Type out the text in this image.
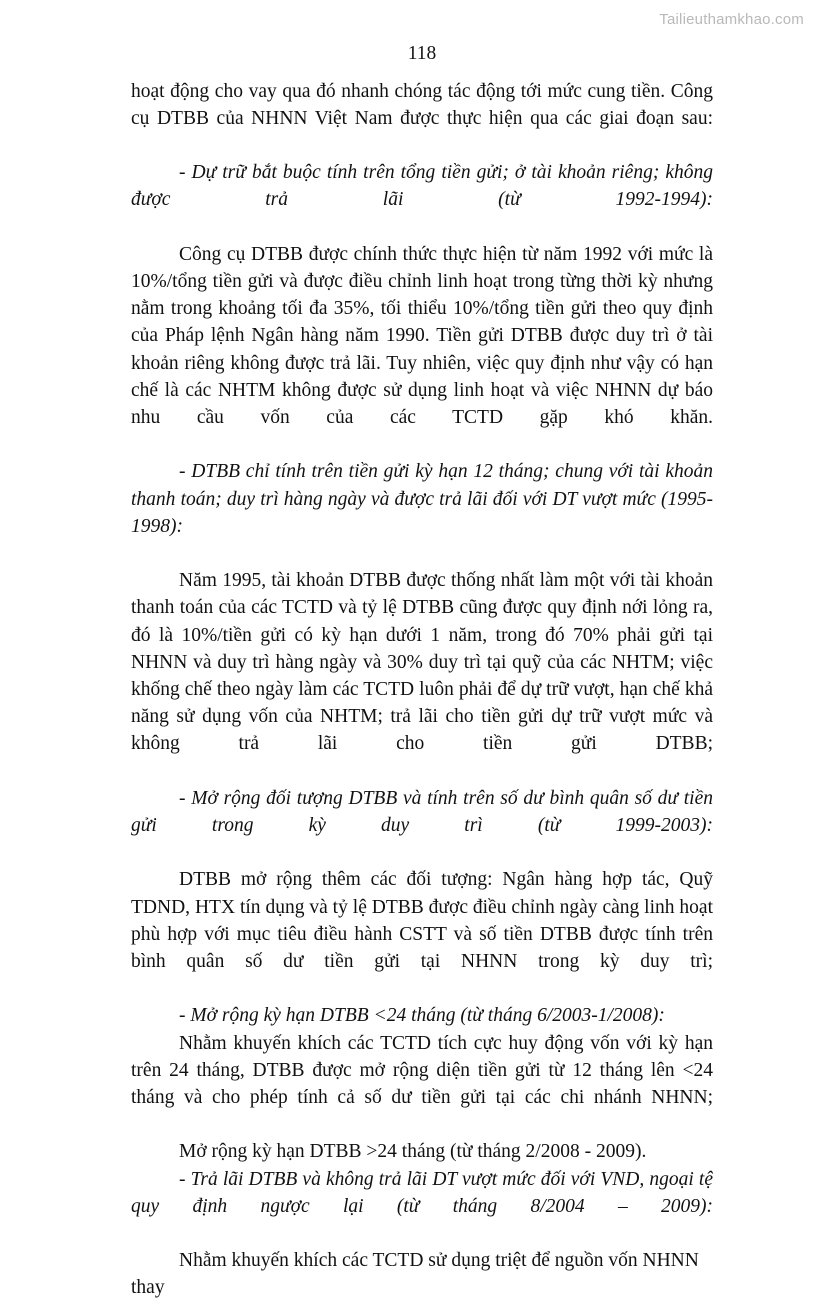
Tailieuthamkhao.com
118

hoạt động cho vay qua đó nhanh chóng tác động tới mức cung tiền. Công cụ DTBB của NHNN Việt Nam được thực hiện qua các giai đoạn sau:

- Dự trữ bắt buộc tính trên tổng tiền gửi; ở tài khoản riêng; không được trả lãi (từ 1992-1994):

Công cụ DTBB được chính thức thực hiện từ năm 1992 với mức là 10%/tổng tiền gửi và được điều chỉnh linh hoạt trong từng thời kỳ nhưng nằm trong khoảng tối đa 35%, tối thiểu 10%/tổng tiền gửi theo quy định của Pháp lệnh Ngân hàng năm 1990. Tiền gửi DTBB được duy trì ở tài khoản riêng không được trả lãi. Tuy nhiên, việc quy định như vậy có hạn chế là các NHTM không được sử dụng linh hoạt và việc NHNN dự báo nhu cầu vốn của các TCTD gặp khó khăn.

- DTBB chỉ tính trên tiền gửi kỳ hạn 12 tháng; chung với tài khoản thanh toán; duy trì hàng ngày và được trả lãi đối với DT vượt mức (1995-1998):

Năm 1995, tài khoản DTBB được thống nhất làm một với tài khoản thanh toán của các TCTD và tỷ lệ DTBB cũng được quy định nới lỏng ra, đó là 10%/tiền gửi có kỳ hạn dưới 1 năm, trong đó 70% phải gửi tại NHNN và duy trì hàng ngày và 30% duy trì tại quỹ của các NHTM; việc khống chế theo ngày làm các TCTD luôn phải để dự trữ vượt, hạn chế khả năng sử dụng vốn của NHTM; trả lãi cho tiền gửi dự trữ vượt mức và không trả lãi cho tiền gửi DTBB;

- Mở rộng đối tượng DTBB và tính trên số dư bình quân số dư tiền gửi trong kỳ duy trì (từ 1999-2003):

DTBB mở rộng thêm các đối tượng: Ngân hàng hợp tác, Quỹ TDND, HTX tín dụng và tỷ lệ DTBB được điều chỉnh ngày càng linh hoạt phù hợp với mục tiêu điều hành CSTT và số tiền DTBB được tính trên bình quân số dư tiền gửi tại NHNN trong kỳ duy trì;

- Mở rộng kỳ hạn DTBB <24 tháng (từ tháng 6/2003-1/2008):

Nhằm khuyến khích các TCTD tích cực huy động vốn với kỳ hạn trên 24 tháng, DTBB được mở rộng diện tiền gửi từ 12 tháng lên <24 tháng và cho phép tính cả số dư tiền gửi tại các chi nhánh NHNN;

Mở rộng kỳ hạn DTBB >24 tháng (từ tháng 2/2008 - 2009).

- Trả lãi DTBB và không trả lãi DT vượt mức đối với VND, ngoại tệ quy định ngược lại (từ tháng 8/2004 – 2009):

Nhằm khuyến khích các TCTD sử dụng triệt để nguồn vốn NHNN thay
